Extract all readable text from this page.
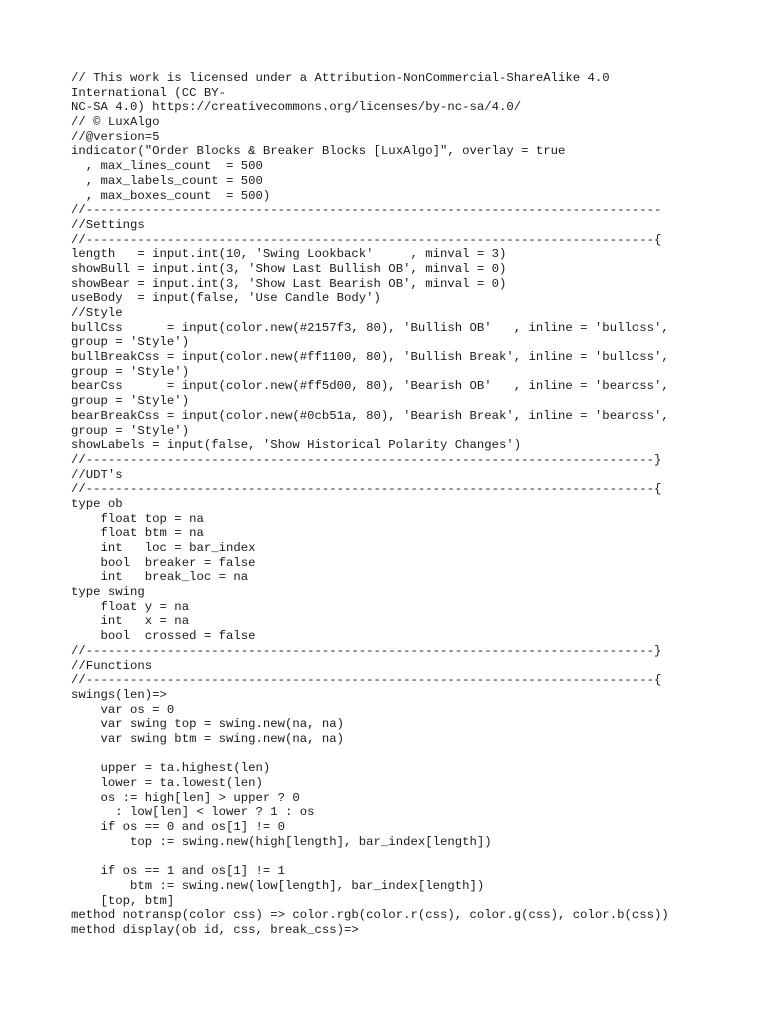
// This work is licensed under a Attribution-NonCommercial-ShareAlike 4.0
International (CC BY-
NC-SA 4.0) https://creativecommons.org/licenses/by-nc-sa/4.0/
// © LuxAlgo
//@version=5
indicator("Order Blocks & Breaker Blocks [LuxAlgo]", overlay = true
, max_lines_count  = 500
, max_labels_count = 500
, max_boxes_count  = 500)
//------------------------------------------------------------------------------
//Settings
//-----------------------------------------------------------------------------{
length   = input.int(10, 'Swing Lookback'     , minval = 3)
showBull = input.int(3, 'Show Last Bullish OB', minval = 0)
showBear = input.int(3, 'Show Last Bearish OB', minval = 0)
useBody  = input(false, 'Use Candle Body')
//Style
bullCss      = input(color.new(#2157f3, 80), 'Bullish OB'   , inline = 'bullcss',
group = 'Style')
bullBreakCss = input(color.new(#ff1100, 80), 'Bullish Break', inline = 'bullcss',
group = 'Style')
bearCss      = input(color.new(#ff5d00, 80), 'Bearish OB'   , inline = 'bearcss',
group = 'Style')
bearBreakCss = input(color.new(#0cb51a, 80), 'Bearish Break', inline = 'bearcss',
group = 'Style')
showLabels = input(false, 'Show Historical Polarity Changes')
//-----------------------------------------------------------------------------}
//UDT's
//-----------------------------------------------------------------------------{
type ob
float top = na
float btm = na
int   loc = bar_index
bool  breaker = false
int   break_loc = na
type swing
float y = na
int   x = na
bool  crossed = false
//-----------------------------------------------------------------------------}
//Functions
//-----------------------------------------------------------------------------{
swings(len)=>
var os = 0
var swing top = swing.new(na, na)
var swing btm = swing.new(na, na)
upper = ta.highest(len)
lower = ta.lowest(len)
os := high[len] > upper ? 0
: low[len] < lower ? 1 : os
if os == 0 and os[1] != 0
top := swing.new(high[length], bar_index[length])
if os == 1 and os[1] != 1
btm := swing.new(low[length], bar_index[length])
[top, btm]
method notransp(color css) => color.rgb(color.r(css), color.g(css), color.b(css))
method display(ob id, css, break_css)=>
